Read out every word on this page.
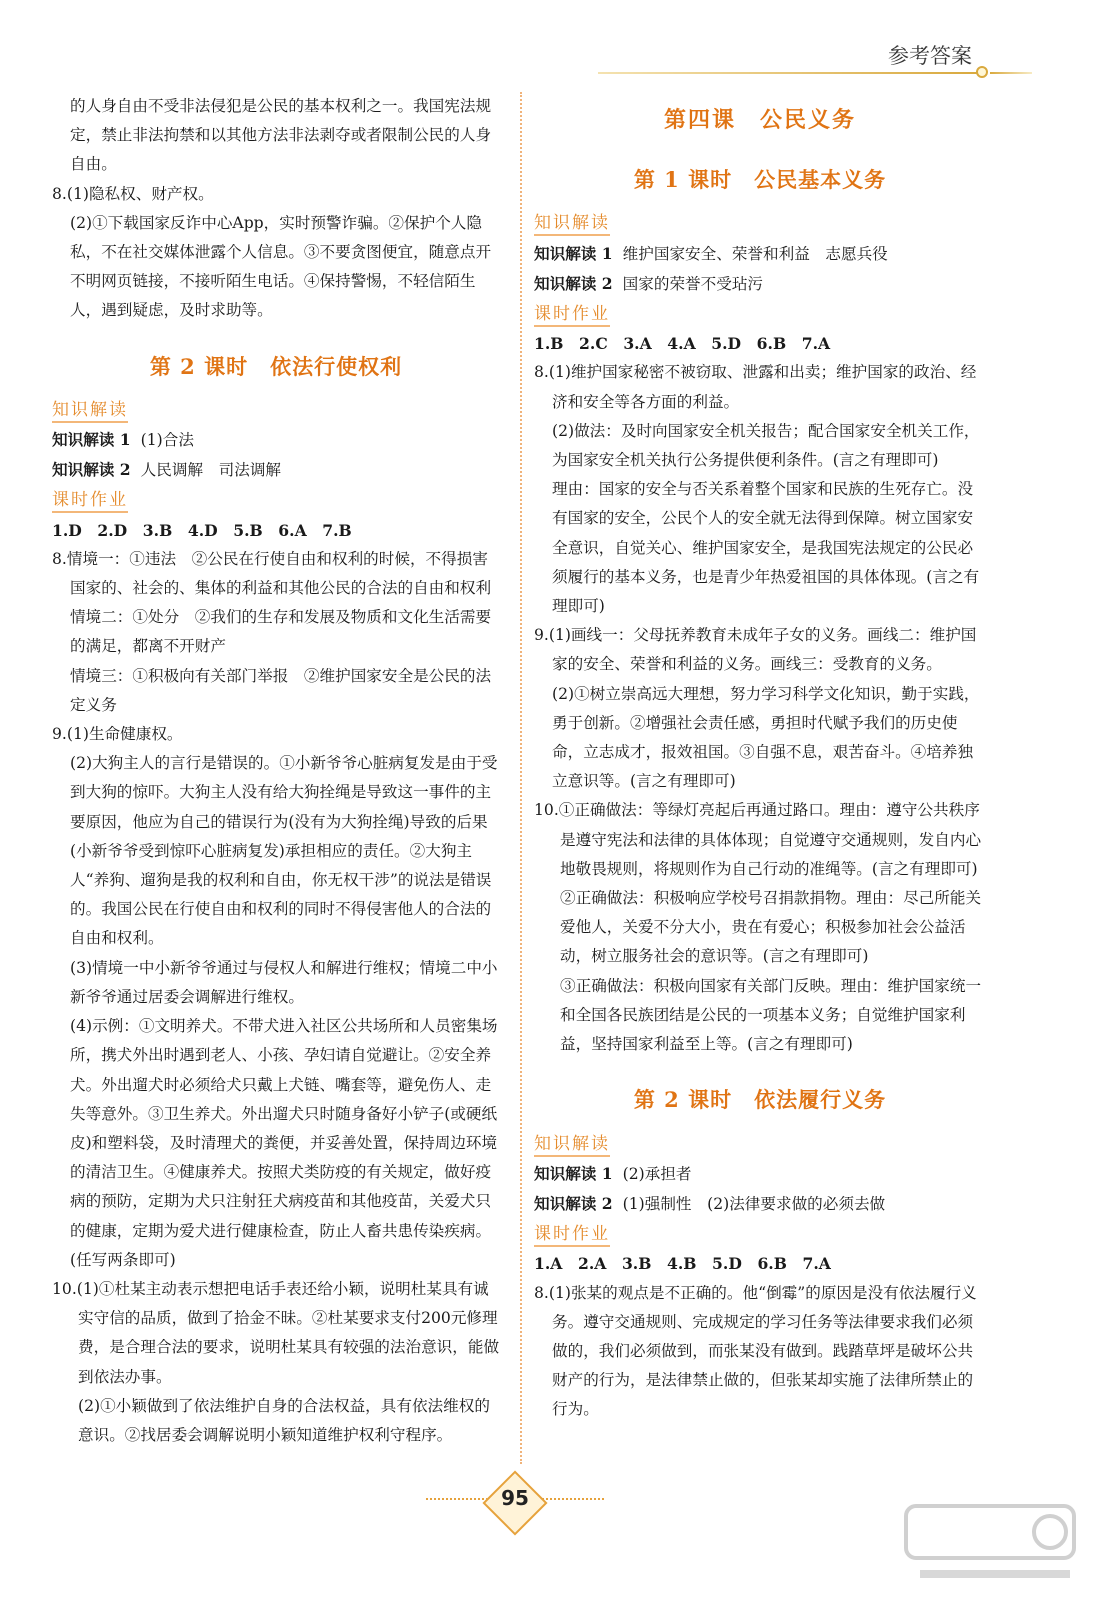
参考答案

的人身自由不受非法侵犯是公民的基本权利之一。我国宪法规定，禁止非法拘禁和以其他方法非法剥夺或者限制公民的人身自由。

8.(1)隐私权、财产权。

(2)①下载国家反诈中心App，实时预警诈骗。②保护个人隐私，不在社交媒体泄露个人信息。③不要贪图便宜，随意点开不明网页链接，不接听陌生电话。④保持警惕，不轻信陌生人，遇到疑虑，及时求助等。

第 2 课时　依法行使权利

知识解读

知识解读 1 (1)合法

知识解读 2 人民调解　司法调解

课时作业

1.D　2.D　3.B　4.D　5.B　6.A　7.B

8.情境一：①违法　②公民在行使自由和权利的时候，不得损害国家的、社会的、集体的利益和其他公民的合法的自由和权利

情境二：①处分　②我们的生存和发展及物质和文化生活需要的满足，都离不开财产

情境三：①积极向有关部门举报　②维护国家安全是公民的法定义务

9.(1)生命健康权。

(2)大狗主人的言行是错误的。①小新爷爷心脏病复发是由于受到大狗的惊吓。大狗主人没有给大狗拴绳是导致这一事件的主要原因，他应为自己的错误行为(没有为大狗拴绳)导致的后果(小新爷爷受到惊吓心脏病复发)承担相应的责任。②大狗主人“养狗、遛狗是我的权利和自由，你无权干涉”的说法是错误的。我国公民在行使自由和权利的同时不得侵害他人的合法的自由和权利。

(3)情境一中小新爷爷通过与侵权人和解进行维权；情境二中小新爷爷通过居委会调解进行维权。

(4)示例：①文明养犬。不带犬进入社区公共场所和人员密集场所，携犬外出时遇到老人、小孩、孕妇请自觉避让。②安全养犬。外出遛犬时必须给犬只戴上犬链、嘴套等，避免伤人、走失等意外。③卫生养犬。外出遛犬只时随身备好小铲子(或硬纸皮)和塑料袋，及时清理犬的粪便，并妥善处置，保持周边环境的清洁卫生。④健康养犬。按照犬类防疫的有关规定，做好疫病的预防，定期为犬只注射狂犬病疫苗和其他疫苗，关爱犬只的健康，定期为爱犬进行健康检查，防止人畜共患传染疾病。(任写两条即可)

10.(1)①杜某主动表示想把电话手表还给小颖，说明杜某具有诚实守信的品质，做到了拾金不昧。②杜某要求支付200元修理费，是合理合法的要求，说明杜某具有较强的法治意识，能做到依法办事。

(2)①小颖做到了依法维护自身的合法权益，具有依法维权的意识。②找居委会调解说明小颖知道维护权利守程序。

第四课　公民义务

第 1 课时　公民基本义务

知识解读

知识解读 1 维护国家安全、荣誉和利益　志愿兵役

知识解读 2 国家的荣誉不受玷污

课时作业

1.B　2.C　3.A　4.A　5.D　6.B　7.A

8.(1)维护国家秘密不被窃取、泄露和出卖；维护国家的政治、经济和安全等各方面的利益。

(2)做法：及时向国家安全机关报告；配合国家安全机关工作，为国家安全机关执行公务提供便利条件。(言之有理即可)

理由：国家的安全与否关系着整个国家和民族的生死存亡。没有国家的安全，公民个人的安全就无法得到保障。树立国家安全意识，自觉关心、维护国家安全，是我国宪法规定的公民必须履行的基本义务，也是青少年热爱祖国的具体体现。(言之有理即可)

9.(1)画线一：父母抚养教育未成年子女的义务。画线二：维护国家的安全、荣誉和利益的义务。画线三：受教育的义务。

(2)①树立崇高远大理想，努力学习科学文化知识，勤于实践，勇于创新。②增强社会责任感，勇担时代赋予我们的历史使命，立志成才，报效祖国。③自强不息，艰苦奋斗。④培养独立意识等。(言之有理即可)

10.①正确做法：等绿灯亮起后再通过路口。理由：遵守公共秩序是遵守宪法和法律的具体体现；自觉遵守交通规则，发自内心地敬畏规则，将规则作为自己行动的准绳等。(言之有理即可)

②正确做法：积极响应学校号召捐款捐物。理由：尽己所能关爱他人，关爱不分大小，贵在有爱心；积极参加社会公益活动，树立服务社会的意识等。(言之有理即可)

③正确做法：积极向国家有关部门反映。理由：维护国家统一和全国各民族团结是公民的一项基本义务；自觉维护国家利益，坚持国家利益至上等。(言之有理即可)

第 2 课时　依法履行义务

知识解读

知识解读 1 (2)承担者

知识解读 2 (1)强制性　(2)法律要求做的必须去做

课时作业

1.A　2.A　3.B　4.B　5.D　6.B　7.A

8.(1)张某的观点是不正确的。他“倒霉”的原因是没有依法履行义务。遵守交通规则、完成规定的学习任务等法律要求我们必须做的，我们必须做到，而张某没有做到。践踏草坪是破坏公共财产的行为，是法律禁止做的，但张某却实施了法律所禁止的行为。

95
